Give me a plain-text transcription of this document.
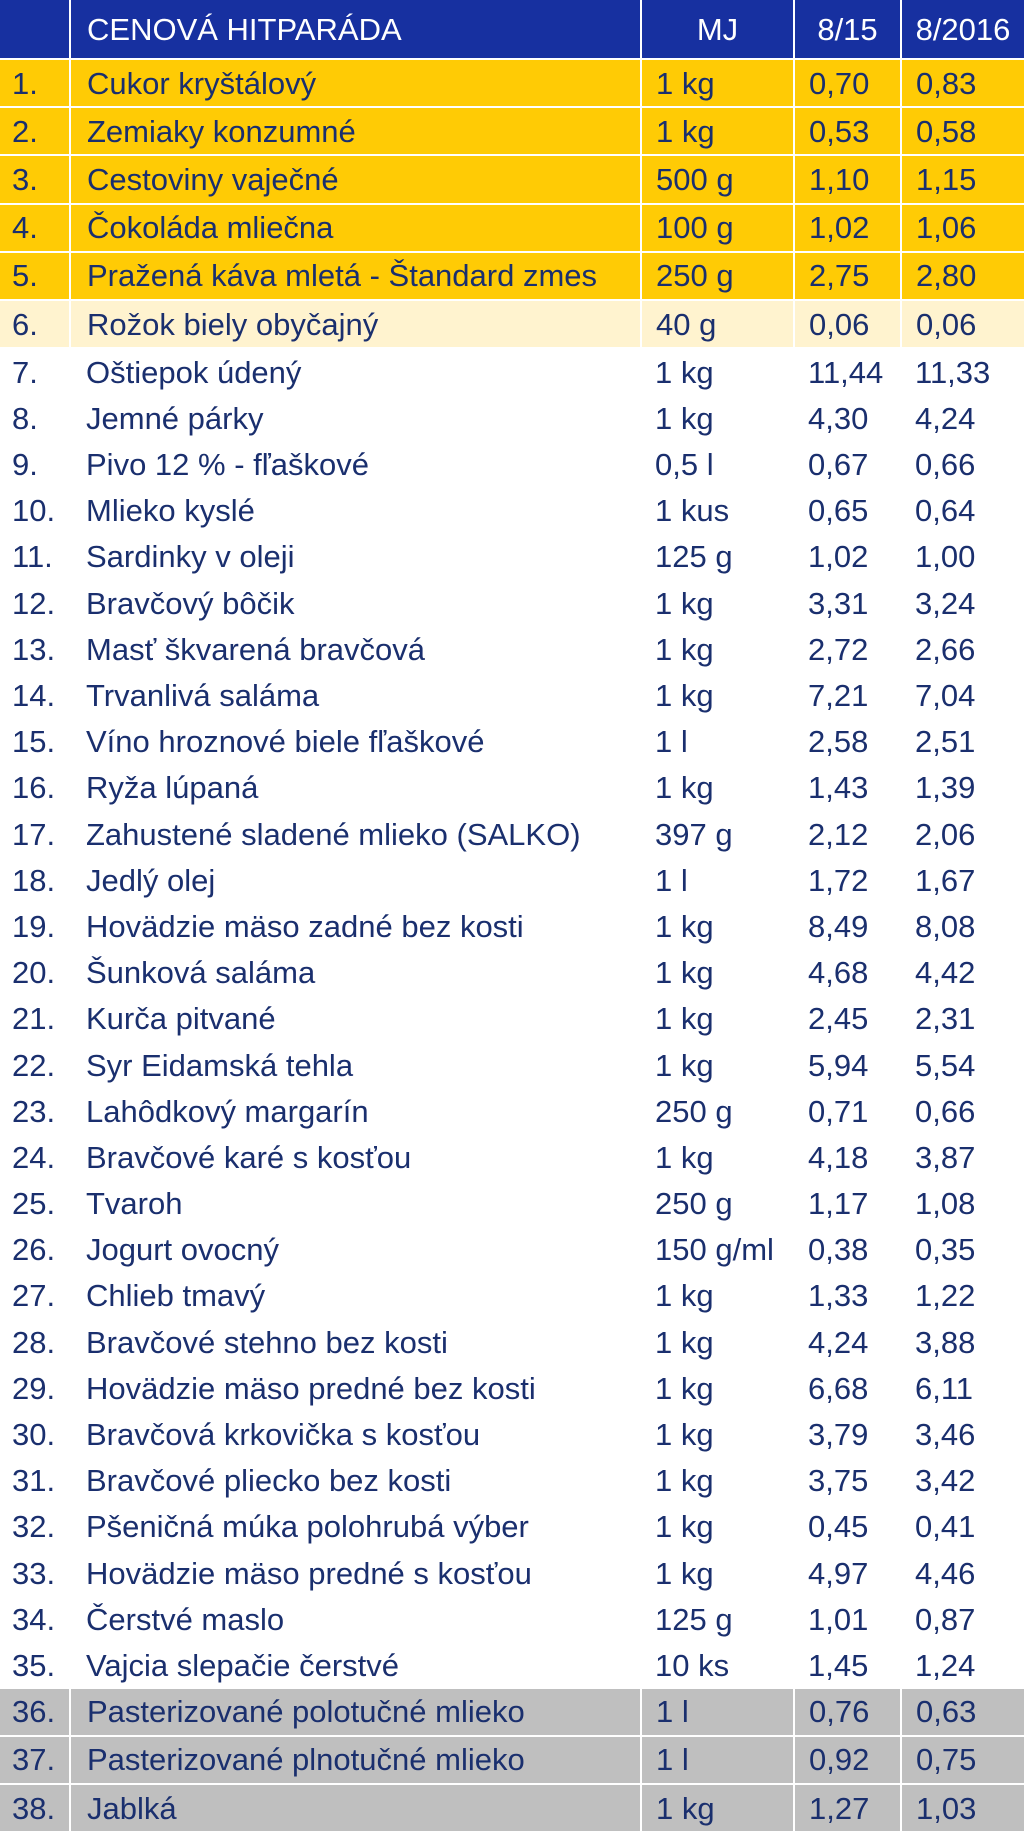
	CENOVÁ HITPARÁDA	MJ	8/15	8/2016
1.	Cukor kryštálový	1 kg	0,70	0,83
2.	Zemiaky konzumné	1 kg	0,53	0,58
3.	Cestoviny vaječné	500 g	1,10	1,15
4.	Čokoláda mliečna	100 g	1,02	1,06
5.	Pražená káva mletá - Štandard zmes	250 g	2,75	2,80
6.	Rožok biely obyčajný	40 g	0,06	0,06
7.	Oštiepok údený	1 kg	11,44	11,33
8.	Jemné párky	1 kg	4,30	4,24
9.	Pivo 12 % - fľaškové	0,5 l	0,67	0,66
10.	Mlieko kyslé	1 kus	0,65	0,64
11.	Sardinky v oleji	125 g	1,02	1,00
12.	Bravčový bôčik	1 kg	3,31	3,24
13.	Masť škvarená bravčová	1 kg	2,72	2,66
14.	Trvanlivá saláma	1 kg	7,21	7,04
15.	Víno hroznové biele fľaškové	1 l	2,58	2,51
16.	Ryža lúpaná	1 kg	1,43	1,39
17.	Zahustené sladené mlieko (SALKO)	397 g	2,12	2,06
18.	Jedlý olej	1 l	1,72	1,67
19.	Hovädzie mäso zadné bez kosti	1 kg	8,49	8,08
20.	Šunková saláma	1 kg	4,68	4,42
21.	Kurča pitvané	1 kg	2,45	2,31
22.	Syr Eidamská tehla	1 kg	5,94	5,54
23.	Lahôdkový margarín	250 g	0,71	0,66
24.	Bravčové karé s kosťou	1 kg	4,18	3,87
25.	Tvaroh	250 g	1,17	1,08
26.	Jogurt ovocný	150 g/ml	0,38	0,35
27.	Chlieb tmavý	1 kg	1,33	1,22
28.	Bravčové stehno bez kosti	1 kg	4,24	3,88
29.	Hovädzie mäso predné bez kosti	1 kg	6,68	6,11
30.	Bravčová krkovička s kosťou	1 kg	3,79	3,46
31.	Bravčové pliecko bez kosti	1 kg	3,75	3,42
32.	Pšeničná múka polohrubá výber	1 kg	0,45	0,41
33.	Hovädzie mäso predné s kosťou	1 kg	4,97	4,46
34.	Čerstvé maslo	125 g	1,01	0,87
35.	Vajcia slepačie čerstvé	10 ks	1,45	1,24
36.	Pasterizované polotučné mlieko	1 l	0,76	0,63
37.	Pasterizované plnotučné mlieko	1 l	0,92	0,75
38.	Jablká	1 kg	1,27	1,03
